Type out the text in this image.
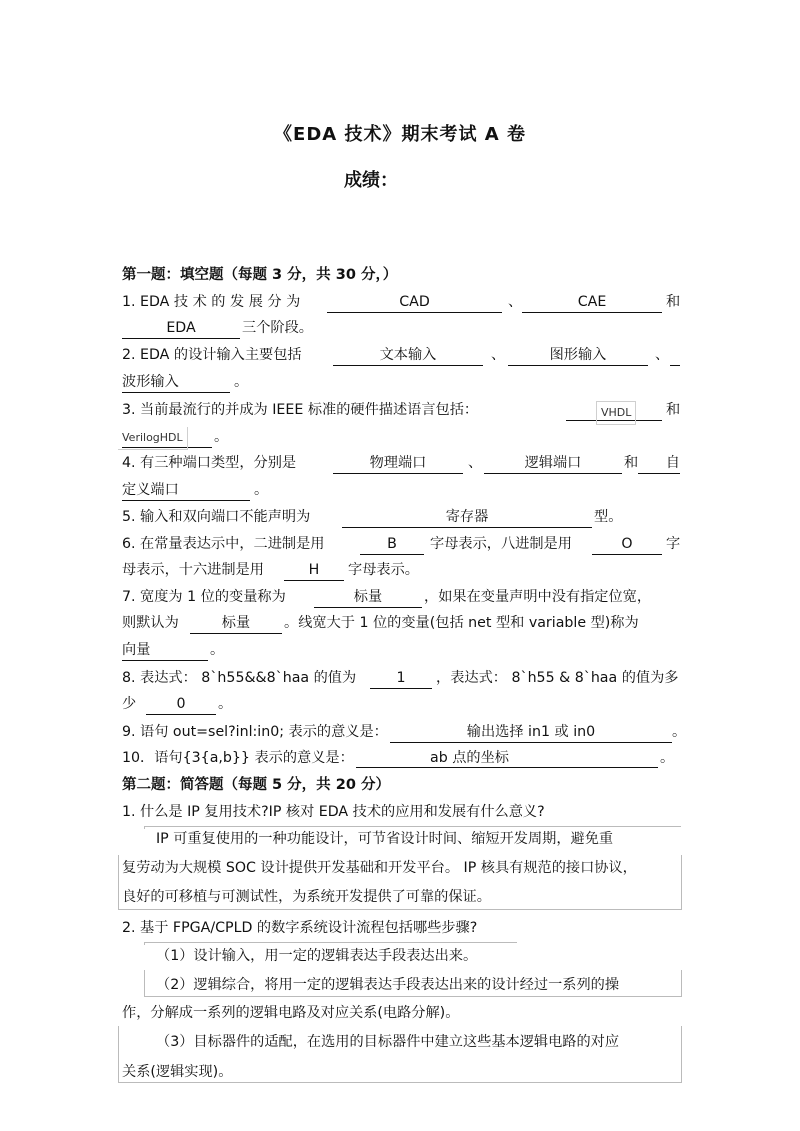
《EDA 技术》期末考试 A 卷
成绩：
第一题：填空题（每题 3 分，共 30 分，）
1. EDA 技 术 的 发 展 分 为	CAD	、	CAE	和
EDA	三个阶段。
2. EDA 的设计输入主要包括	文本输入	、	图形输入	、
波形输入	。
3. 当前最流行的并成为 IEEE 标准的硬件描述语言包括：	VHDL	和
VerilogHDL	。
4. 有三种端口类型，分别是	物理端口	、	逻辑端口	和	自
定义端口	。
5. 输入和双向端口不能声明为	寄存器	型。
6. 在常量表达示中，二进制是用	B	字母表示，八进制是用	O	字
母表示，十六进制是用	H	字母表示。
7. 宽度为 1 位的变量称为	标量	，如果在变量声明中没有指定位宽，
则默认为	标量	。线宽大于 1 位的变量(包括 net 型和 variable 型)称为
向量	。
8. 表达式： 8`h55&&8`haa 的值为	1	，表达式： 8`h55 & 8`haa 的值为多
少	0	。
9. 语句 out=sel?inl:in0; 表示的意义是：	输出选择 in1 或 in0	。
10．语句{3{a,b}} 表示的意义是：	ab 点的坐标	。
第二题：简答题（每题 5 分，共 20 分）
1. 什么是 IP 复用技术?IP 核对 EDA 技术的应用和发展有什么意义?
IP 可重复使用的一种功能设计，可节省设计时间、缩短开发周期，避免重
复劳动为大规模 SOC 设计提供开发基础和开发平台。 IP 核具有规范的接口协议，
良好的可移植与可测试性，为系统开发提供了可靠的保证。
2. 基于 FPGA/CPLD 的数字系统设计流程包括哪些步骤?
（1）设计输入，用一定的逻辑表达手段表达出来。
（2）逻辑综合，将用一定的逻辑表达手段表达出来的设计经过一系列的操
作，分解成一系列的逻辑电路及对应关系(电路分解)。
（3）目标器件的适配，在选用的目标器件中建立这些基本逻辑电路的对应
关系(逻辑实现)。
